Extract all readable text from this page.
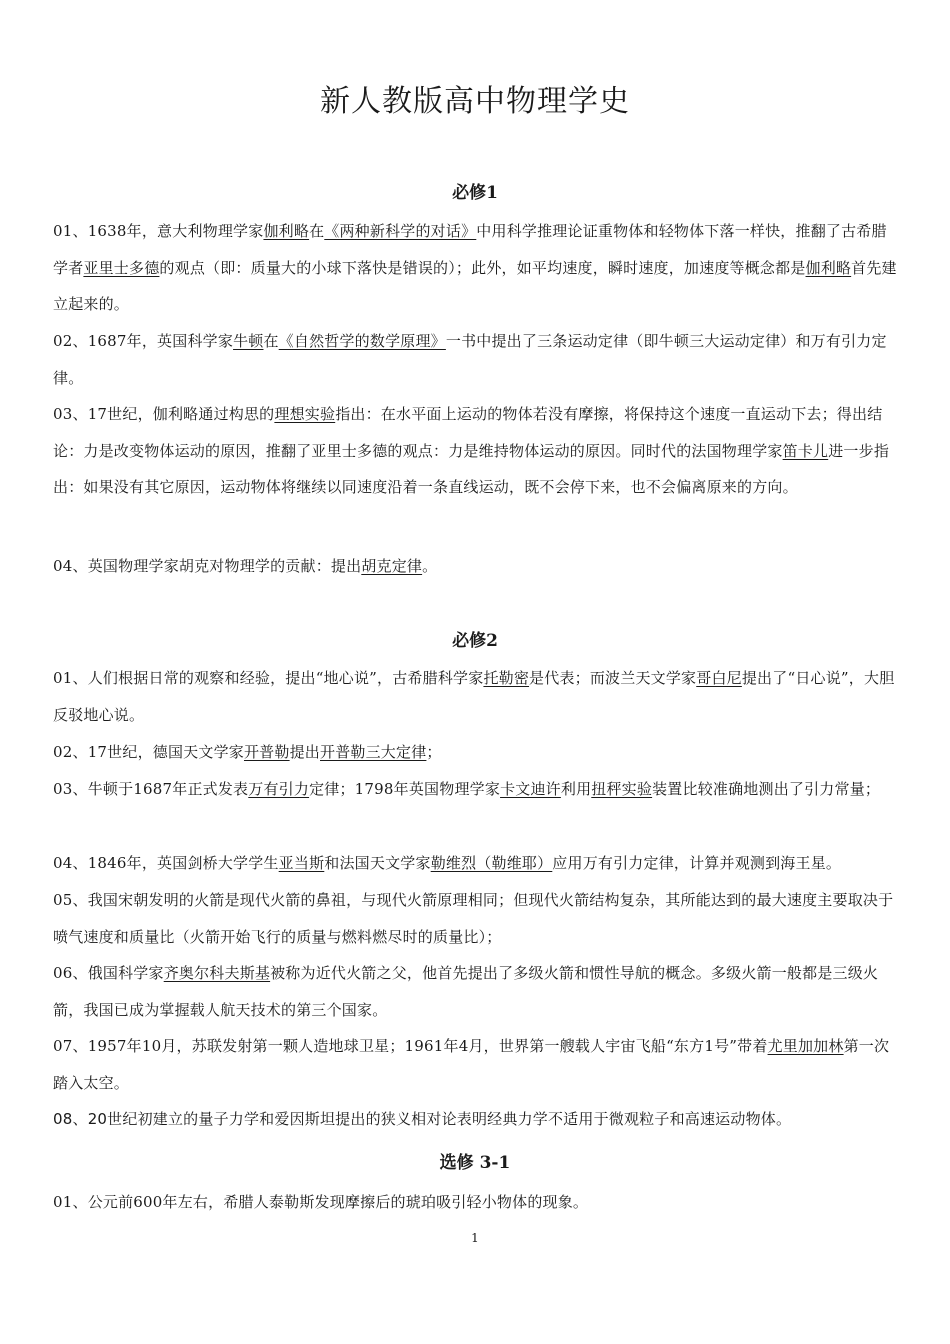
新人教版高中物理学史
必修1
01、1638年，意大利物理学家伽利略在《两种新科学的对话》中用科学推理论证重物体和轻物体下落一样快，推翻了古希腊学者亚里士多德的观点（即：质量大的小球下落快是错误的）；此外，如平均速度，瞬时速度，加速度等概念都是伽利略首先建立起来的。
02、1687年，英国科学家牛顿在《自然哲学的数学原理》一书中提出了三条运动定律（即牛顿三大运动定律）和万有引力定律。
03、17世纪，伽利略通过构思的理想实验指出：在水平面上运动的物体若没有摩擦，将保持这个速度一直运动下去；得出结论：力是改变物体运动的原因，推翻了亚里士多德的观点：力是维持物体运动的原因。同时代的法国物理学家笛卡儿进一步指出：如果没有其它原因，运动物体将继续以同速度沿着一条直线运动，既不会停下来，也不会偏离原来的方向。
04、英国物理学家胡克对物理学的贡献：提出胡克定律。
必修2
01、人们根据日常的观察和经验，提出“地心说”，古希腊科学家托勒密是代表；而波兰天文学家哥白尼提出了“日心说”，大胆反驳地心说。
02、17世纪，德国天文学家开普勒提出开普勒三大定律；
03、牛顿于1687年正式发表万有引力定律；1798年英国物理学家卡文迪许利用扭秤实验装置比较准确地测出了引力常量；
04、1846年，英国剑桥大学学生亚当斯和法国天文学家勒维烈（勒维耶）应用万有引力定律，计算并观测到海王星。
05、我国宋朝发明的火箭是现代火箭的鼻祖，与现代火箭原理相同；但现代火箭结构复杂，其所能达到的最大速度主要取决于喷气速度和质量比（火箭开始飞行的质量与燃料燃尽时的质量比）；
06、俄国科学家齐奥尔科夫斯基被称为近代火箭之父，他首先提出了多级火箭和惯性导航的概念。多级火箭一般都是三级火箭，我国已成为掌握载人航天技术的第三个国家。
07、1957年10月，苏联发射第一颗人造地球卫星；1961年4月，世界第一艘载人宇宙飞船“东方1号”带着尤里加加林第一次踏入太空。
08、20世纪初建立的量子力学和爱因斯坦提出的狭义相对论表明经典力学不适用于微观粒子和高速运动物体。
选修 3-1
01、公元前600年左右，希腊人泰勒斯发现摩擦后的琥珀吸引轻小物体的现象。
1
